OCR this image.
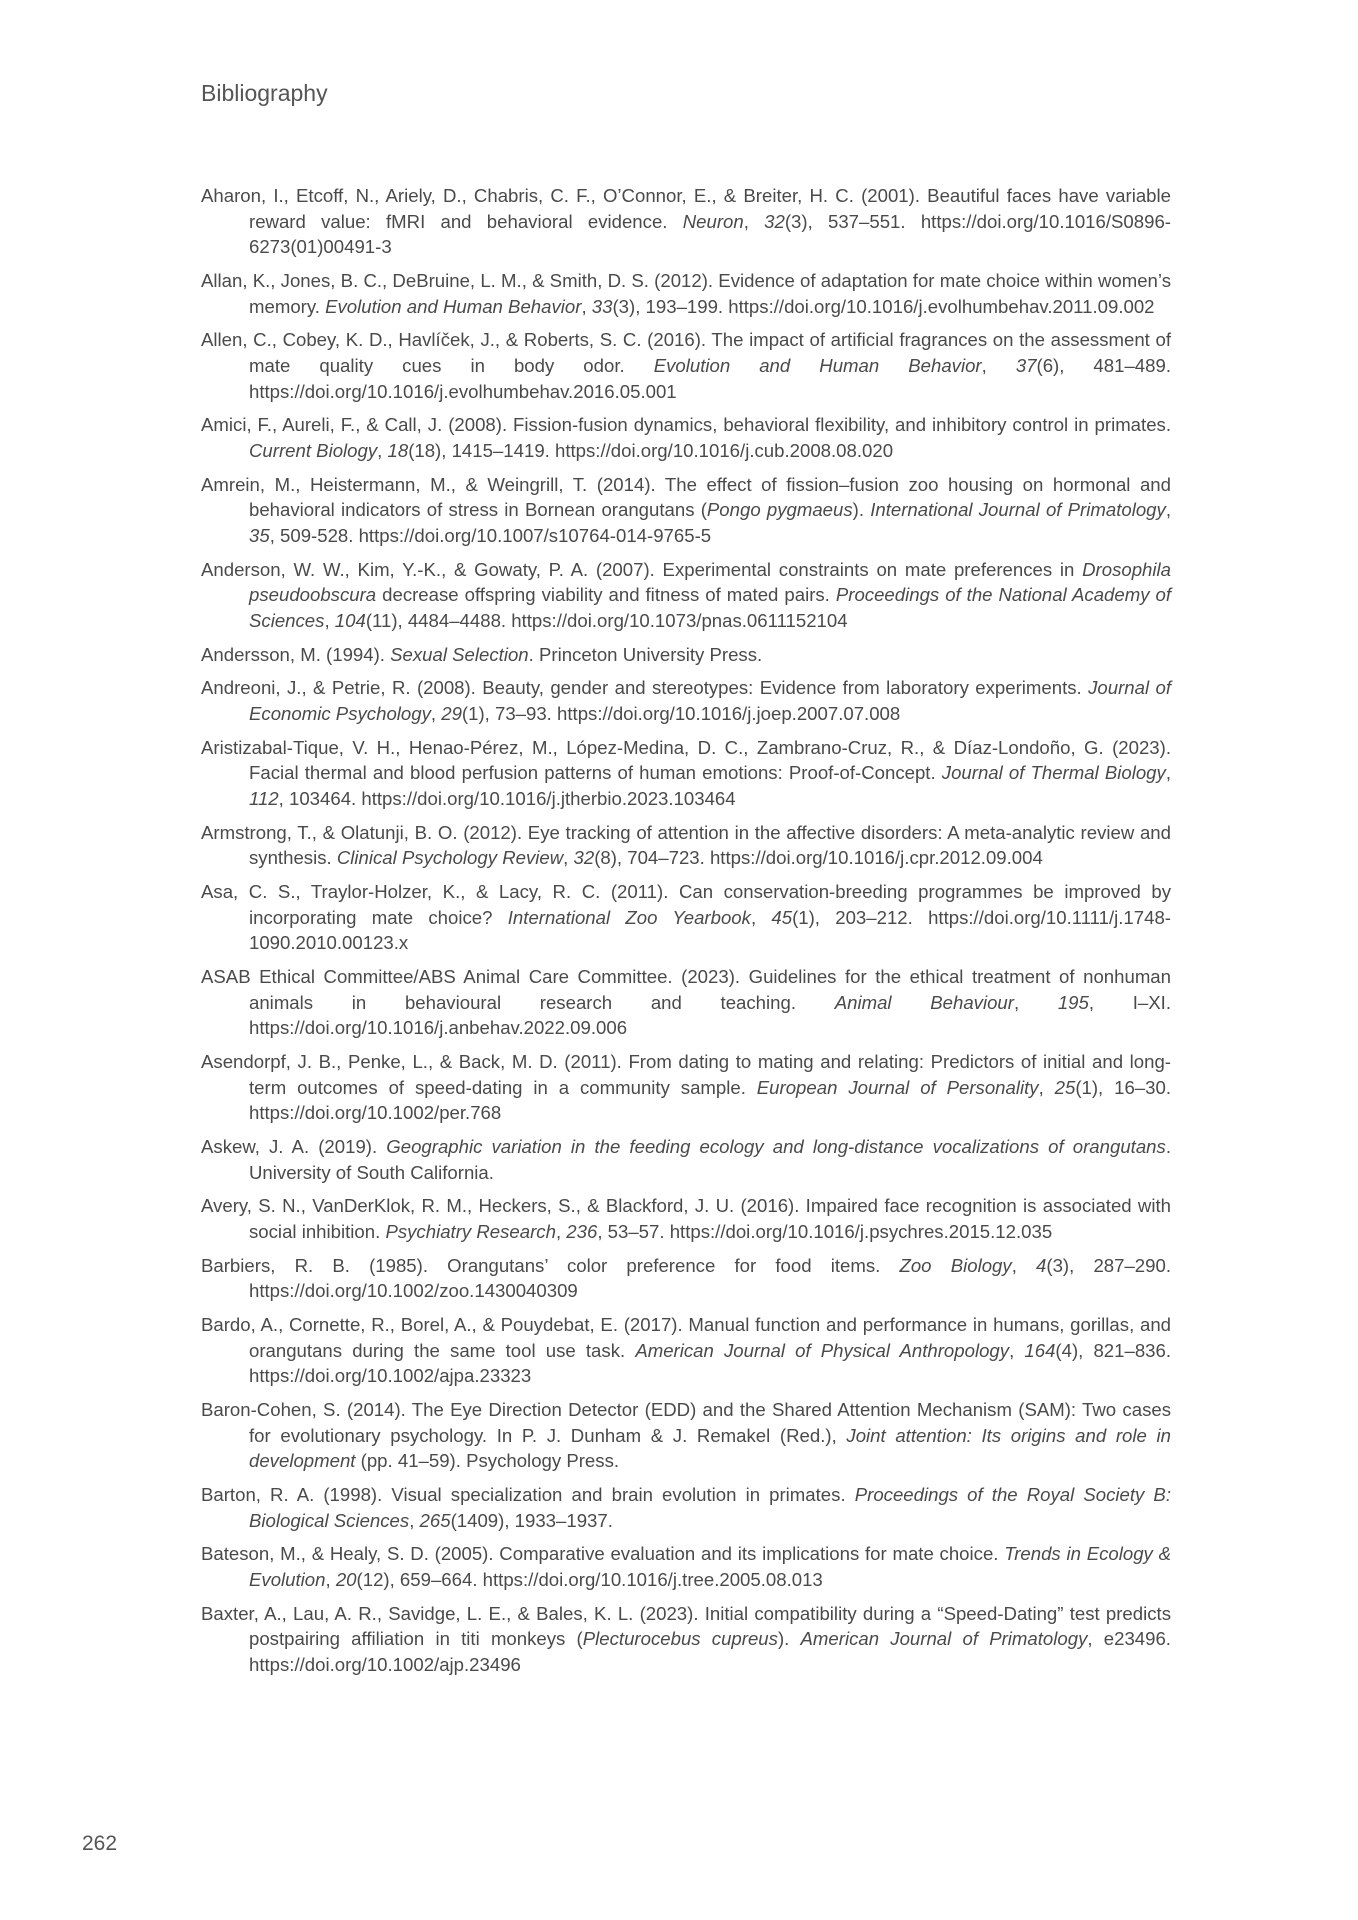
Bibliography

Aharon, I., Etcoff, N., Ariely, D., Chabris, C. F., O’Connor, E., & Breiter, H. C. (2001). Beautiful faces have variable reward value: fMRI and behavioral evidence. Neuron, 32(3), 537–551. https://doi.org/10.1016/S0896-6273(01)00491-3

Allan, K., Jones, B. C., DeBruine, L. M., & Smith, D. S. (2012). Evidence of adaptation for mate choice within women’s memory. Evolution and Human Behavior, 33(3), 193–199. https://doi.org/10.1016/j.evolhumbehav.2011.09.002

Allen, C., Cobey, K. D., Havlíček, J., & Roberts, S. C. (2016). The impact of artificial fragrances on the assessment of mate quality cues in body odor. Evolution and Human Behavior, 37(6), 481–489. https://doi.org/10.1016/j.evolhumbehav.2016.05.001

Amici, F., Aureli, F., & Call, J. (2008). Fission-fusion dynamics, behavioral flexibility, and inhibitory control in primates. Current Biology, 18(18), 1415–1419. https://doi.org/10.1016/j.cub.2008.08.020

Amrein, M., Heistermann, M., & Weingrill, T. (2014). The effect of fission–fusion zoo housing on hormonal and behavioral indicators of stress in Bornean orangutans (Pongo pygmaeus). International Journal of Primatology, 35, 509-528. https://doi.org/10.1007/s10764-014-9765-5

Anderson, W. W., Kim, Y.-K., & Gowaty, P. A. (2007). Experimental constraints on mate preferences in Drosophila pseudoobscura decrease offspring viability and fitness of mated pairs. Proceedings of the National Academy of Sciences, 104(11), 4484–4488. https://doi.org/10.1073/pnas.0611152104

Andersson, M. (1994). Sexual Selection. Princeton University Press.

Andreoni, J., & Petrie, R. (2008). Beauty, gender and stereotypes: Evidence from laboratory experiments. Journal of Economic Psychology, 29(1), 73–93. https://doi.org/10.1016/j.joep.2007.07.008

Aristizabal-Tique, V. H., Henao-Pérez, M., López-Medina, D. C., Zambrano-Cruz, R., & Díaz-Londoño, G. (2023). Facial thermal and blood perfusion patterns of human emotions: Proof-of-Concept. Journal of Thermal Biology, 112, 103464. https://doi.org/10.1016/j.jtherbio.2023.103464

Armstrong, T., & Olatunji, B. O. (2012). Eye tracking of attention in the affective disorders: A meta-analytic review and synthesis. Clinical Psychology Review, 32(8), 704–723. https://doi.org/10.1016/j.cpr.2012.09.004

Asa, C. S., Traylor-Holzer, K., & Lacy, R. C. (2011). Can conservation-breeding programmes be improved by incorporating mate choice? International Zoo Yearbook, 45(1), 203–212. https://doi.org/10.1111/j.1748-1090.2010.00123.x

ASAB Ethical Committee/ABS Animal Care Committee. (2023). Guidelines for the ethical treatment of nonhuman animals in behavioural research and teaching. Animal Behaviour, 195, I–XI. https://doi.org/10.1016/j.anbehav.2022.09.006

Asendorpf, J. B., Penke, L., & Back, M. D. (2011). From dating to mating and relating: Predictors of initial and long-term outcomes of speed-dating in a community sample. European Journal of Personality, 25(1), 16–30. https://doi.org/10.1002/per.768

Askew, J. A. (2019). Geographic variation in the feeding ecology and long-distance vocalizations of orangutans. University of South California.

Avery, S. N., VanDerKlok, R. M., Heckers, S., & Blackford, J. U. (2016). Impaired face recognition is associated with social inhibition. Psychiatry Research, 236, 53–57. https://doi.org/10.1016/j.psychres.2015.12.035

Barbiers, R. B. (1985). Orangutans’ color preference for food items. Zoo Biology, 4(3), 287–290. https://doi.org/10.1002/zoo.1430040309

Bardo, A., Cornette, R., Borel, A., & Pouydebat, E. (2017). Manual function and performance in humans, gorillas, and orangutans during the same tool use task. American Journal of Physical Anthropology, 164(4), 821–836. https://doi.org/10.1002/ajpa.23323

Baron-Cohen, S. (2014). The Eye Direction Detector (EDD) and the Shared Attention Mechanism (SAM): Two cases for evolutionary psychology. In P. J. Dunham & J. Remakel (Red.), Joint attention: Its origins and role in development (pp. 41–59). Psychology Press.

Barton, R. A. (1998). Visual specialization and brain evolution in primates. Proceedings of the Royal Society B: Biological Sciences, 265(1409), 1933–1937.

Bateson, M., & Healy, S. D. (2005). Comparative evaluation and its implications for mate choice. Trends in Ecology & Evolution, 20(12), 659–664. https://doi.org/10.1016/j.tree.2005.08.013

Baxter, A., Lau, A. R., Savidge, L. E., & Bales, K. L. (2023). Initial compatibility during a “Speed-Dating” test predicts postpairing affiliation in titi monkeys (Plecturocebus cupreus). American Journal of Primatology, e23496. https://doi.org/10.1002/ajp.23496

262
